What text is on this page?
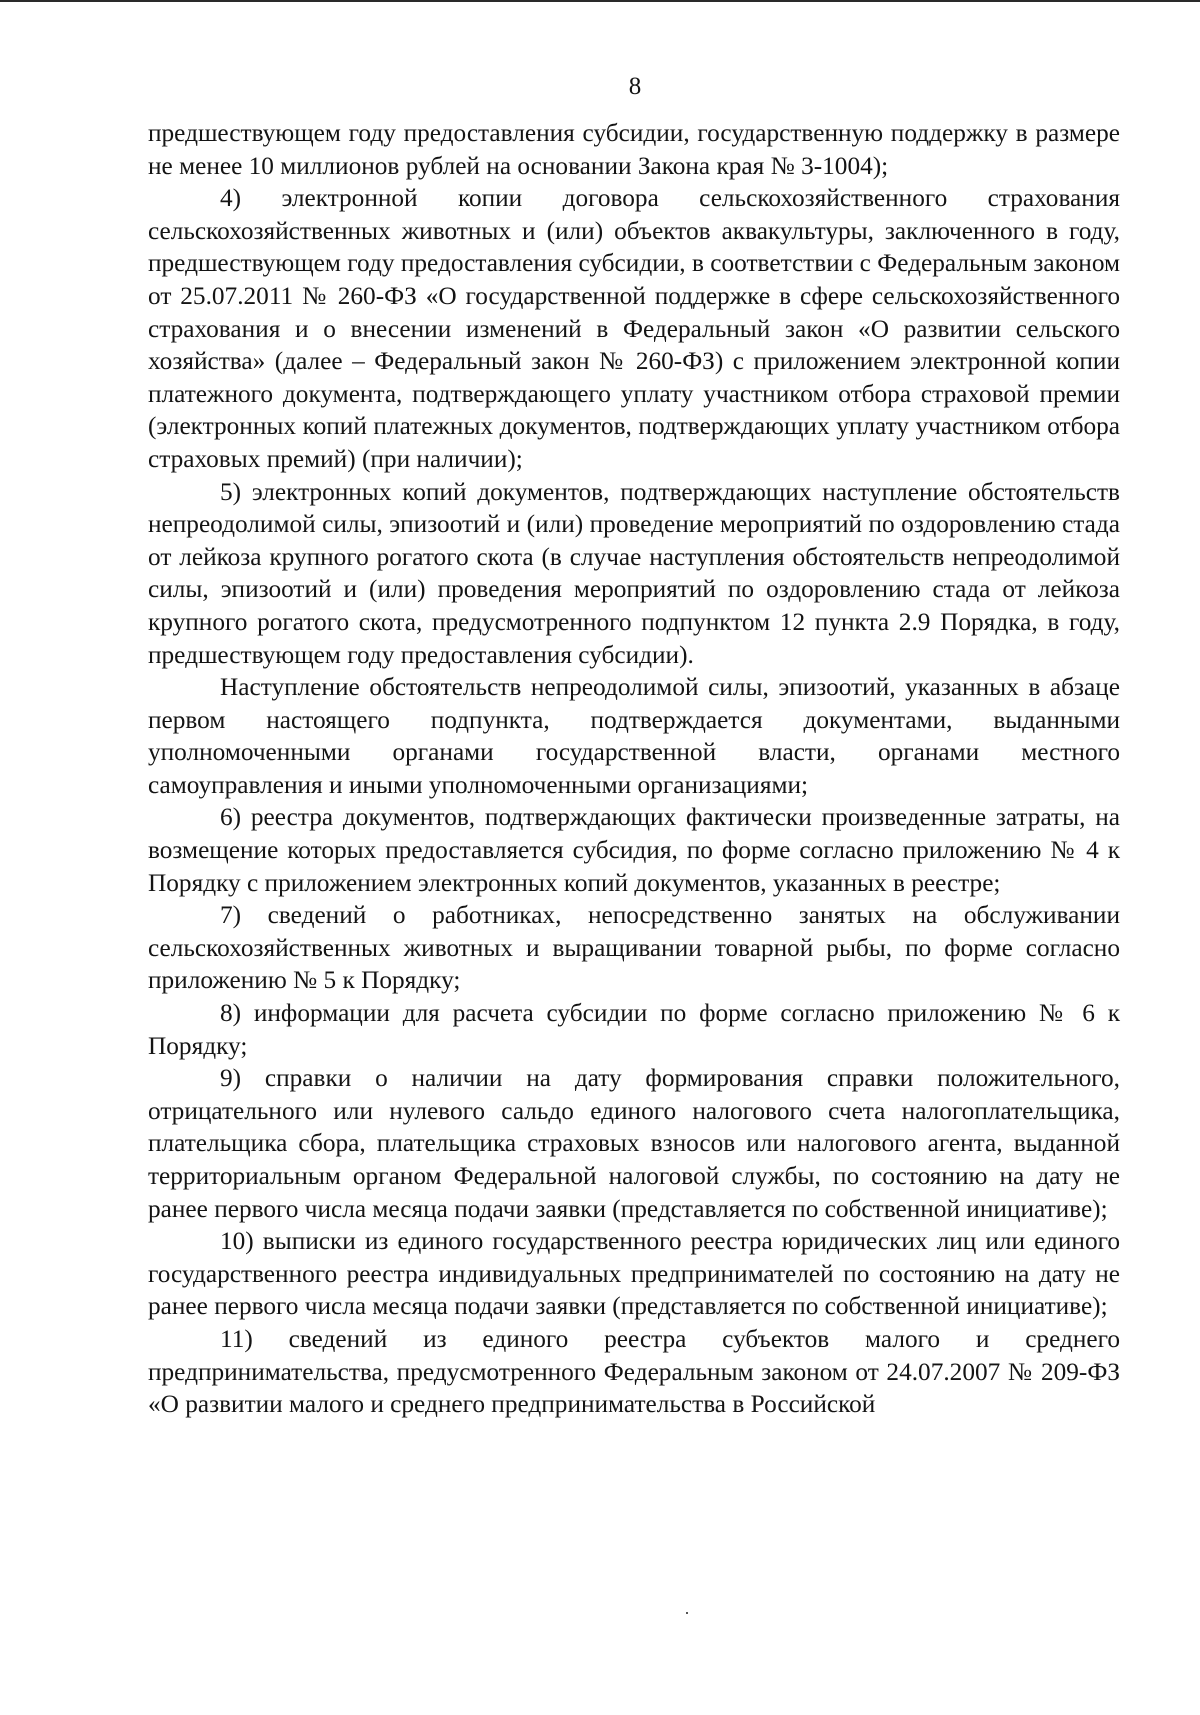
8

предшествующем году предоставления субсидии, государственную поддержку в размере не менее 10 миллионов рублей на основании Закона края № 3-1004);

4) электронной копии договора сельскохозяйственного страхования сельскохозяйственных животных и (или) объектов аквакультуры, заключенного в году, предшествующем году предоставления субсидии, в соответствии с Федеральным законом от 25.07.2011 № 260-ФЗ «О государственной поддержке в сфере сельскохозяйственного страхования и о внесении изменений в Федеральный закон «О развитии сельского хозяйства» (далее – Федеральный закон № 260-ФЗ) с приложением электронной копии платежного документа, подтверждающего уплату участником отбора страховой премии (электронных копий платежных документов, подтверждающих уплату участником отбора страховых премий) (при наличии);

5) электронных копий документов, подтверждающих наступление обстоятельств непреодолимой силы, эпизоотий и (или) проведение мероприятий по оздоровлению стада от лейкоза крупного рогатого скота (в случае наступления обстоятельств непреодолимой силы, эпизоотий и (или) проведения мероприятий по оздоровлению стада от лейкоза крупного рогатого скота, предусмотренного подпунктом 12 пункта 2.9 Порядка, в году, предшествующем году предоставления субсидии).

Наступление обстоятельств непреодолимой силы, эпизоотий, указанных в абзаце первом настоящего подпункта, подтверждается документами, выданными уполномоченными органами государственной власти, органами местного самоуправления и иными уполномоченными организациями;

6) реестра документов, подтверждающих фактически произведенные затраты, на возмещение которых предоставляется субсидия, по форме согласно приложению № 4 к Порядку с приложением электронных копий документов, указанных в реестре;

7) сведений о работниках, непосредственно занятых на обслуживании сельскохозяйственных животных и выращивании товарной рыбы, по форме согласно приложению № 5 к Порядку;

8) информации для расчета субсидии по форме согласно приложению № 6 к Порядку;

9) справки о наличии на дату формирования справки положительного, отрицательного или нулевого сальдо единого налогового счета налогоплательщика, плательщика сбора, плательщика страховых взносов или налогового агента, выданной территориальным органом Федеральной налоговой службы, по состоянию на дату не ранее первого числа месяца подачи заявки (представляется по собственной инициативе);

10) выписки из единого государственного реестра юридических лиц или единого государственного реестра индивидуальных предпринимателей по состоянию на дату не ранее первого числа месяца подачи заявки (представляется по собственной инициативе);

11) сведений из единого реестра субъектов малого и среднего предпринимательства, предусмотренного Федеральным законом от 24.07.2007 № 209-ФЗ «О развитии малого и среднего предпринимательства в Российской
